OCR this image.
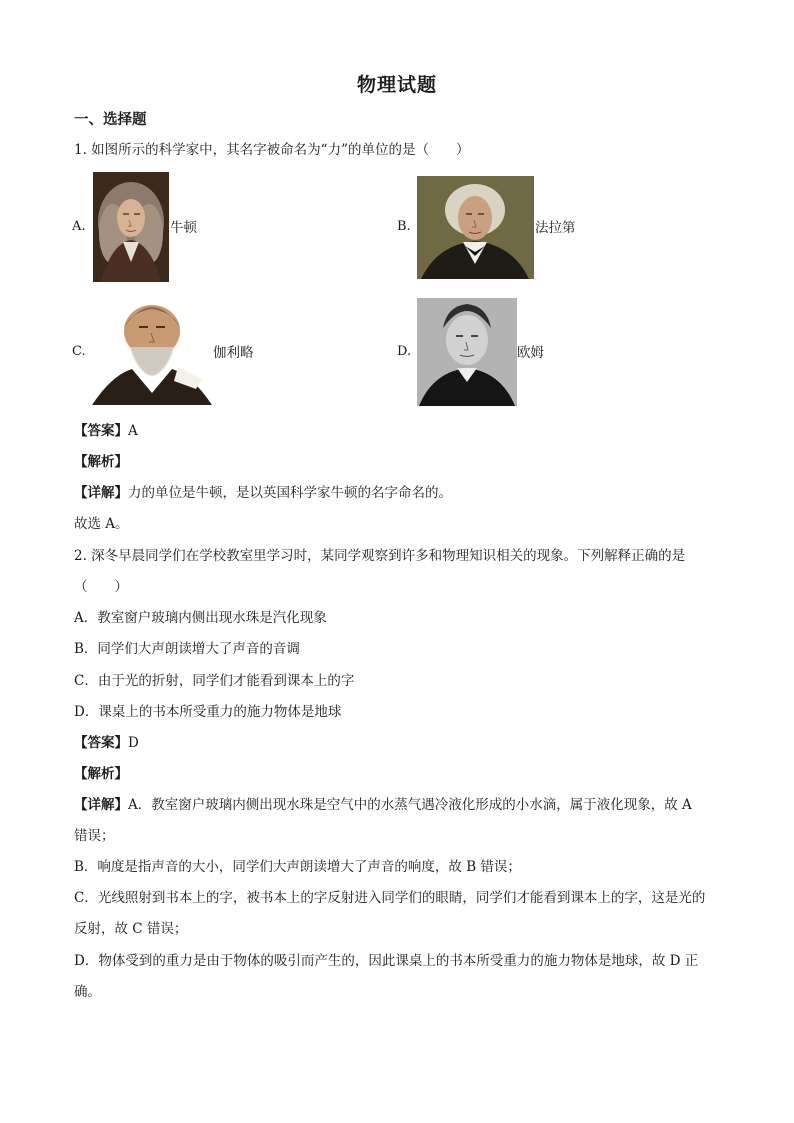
物理试题
一、选择题
1. 如图所示的科学家中，其名字被命名为“力”的单位的是（　　）
A.	牛顿	B.	法拉第
C.	伽利略	D.	欧姆
【答案】A
【解析】
【详解】力的单位是牛顿，是以英国科学家牛顿的名字命名的。
故选 A。
2. 深冬早晨同学们在学校教室里学习时，某同学观察到许多和物理知识相关的现象。下列解释正确的是
（　　）
A．教室窗户玻璃内侧出现水珠是汽化现象
B．同学们大声朗读增大了声音的音调
C．由于光的折射，同学们才能看到课本上的字
D．课桌上的书本所受重力的施力物体是地球
【答案】D
【解析】
【详解】A．教室窗户玻璃内侧出现水珠是空气中的水蒸气遇冷液化形成的小水滴，属于液化现象，故 A
错误；
B．响度是指声音的大小，同学们大声朗读增大了声音的响度，故 B 错误；
C．光线照射到书本上的字，被书本上的字反射进入同学们的眼睛，同学们才能看到课本上的字，这是光的
反射，故 C 错误；
D．物体受到的重力是由于物体的吸引而产生的，因此课桌上的书本所受重力的施力物体是地球，故 D 正
确。
